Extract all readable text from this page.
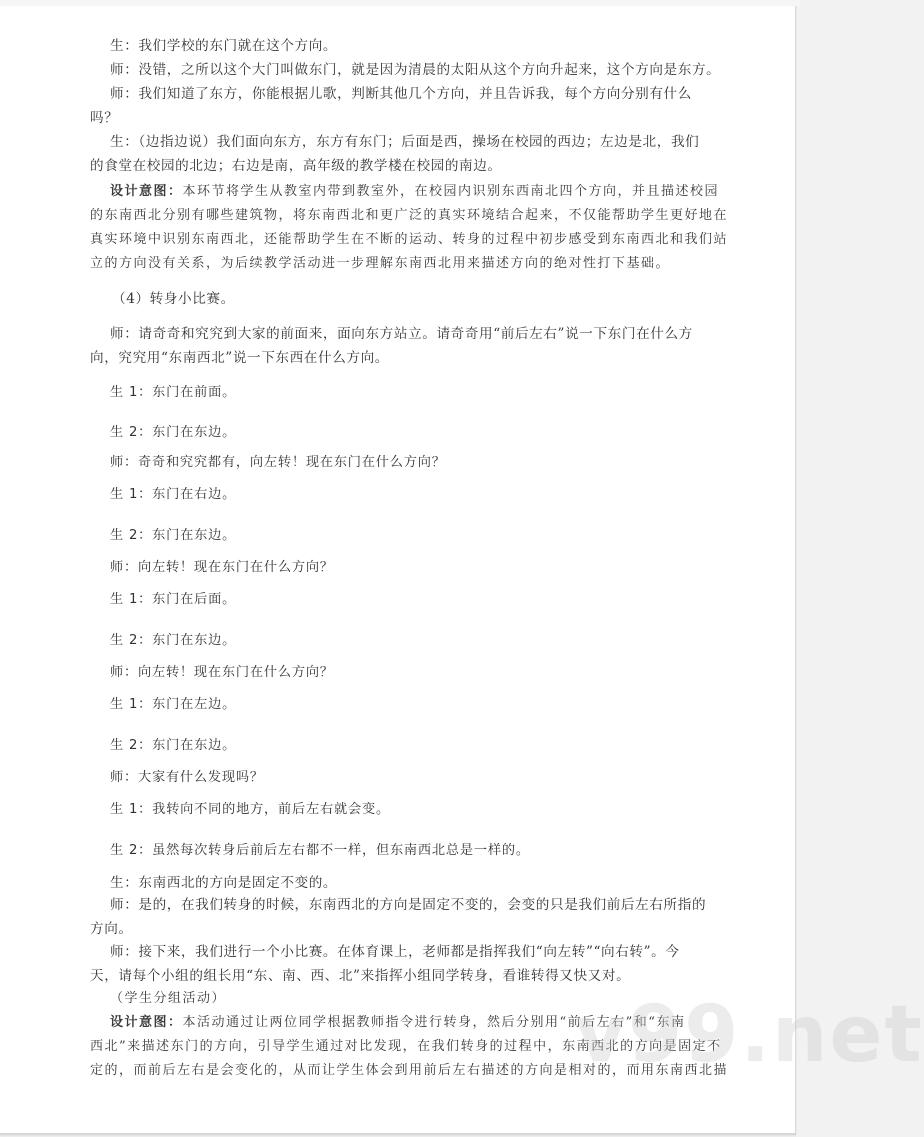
生：我们学校的东门就在这个方向。
师：没错，之所以这个大门叫做东门，就是因为清晨的太阳从这个方向升起来，这个方向是东方。
师：我们知道了东方，你能根据儿歌，判断其他几个方向，并且告诉我，每个方向分别有什么
吗？
生：（边指边说）我们面向东方，东方有东门；后面是西，操场在校园的西边；左边是北，我们
的食堂在校园的北边；右边是南，高年级的教学楼在校园的南边。
设计意图：本环节将学生从教室内带到教室外，在校园内识别东西南北四个方向，并且描述校园
的东南西北分别有哪些建筑物，将东南西北和更广泛的真实环境结合起来，不仅能帮助学生更好地在
真实环境中识别东南西北，还能帮助学生在不断的运动、转身的过程中初步感受到东南西北和我们站
立的方向没有关系，为后续教学活动进一步理解东南西北用来描述方向的绝对性打下基础。
（4）转身小比赛。
师：请奇奇和究究到大家的前面来，面向东方站立。请奇奇用“前后左右”说一下东门在什么方
向，究究用“东南西北”说一下东西在什么方向。
生 1：东门在前面。
生 2：东门在东边。
师：奇奇和究究都有，向左转！现在东门在什么方向？
生 1：东门在右边。
生 2：东门在东边。
师：向左转！现在东门在什么方向？
生 1：东门在后面。
生 2：东门在东边。
师：向左转！现在东门在什么方向？
生 1：东门在左边。
生 2：东门在东边。
师：大家有什么发现吗？
生 1：我转向不同的地方，前后左右就会变。
生 2：虽然每次转身后前后左右都不一样，但东南西北总是一样的。
生：东南西北的方向是固定不变的。
师：是的，在我们转身的时候，东南西北的方向是固定不变的，会变的只是我们前后左右所指的
方向。
师：接下来，我们进行一个小比赛。在体育课上，老师都是指挥我们“向左转”“向右转”。今
天，请每个小组的组长用“东、南、西、北”来指挥小组同学转身，看谁转得又快又对。
（学生分组活动）
设计意图：本活动通过让两位同学根据教师指令进行转身，然后分别用“前后左右”和“东南
西北”来描述东门的方向，引导学生通过对比发现，在我们转身的过程中，东南西北的方向是固定不
定的，而前后左右是会变化的，从而让学生体会到用前后左右描述的方向是相对的，而用东南西北描
v99.net
